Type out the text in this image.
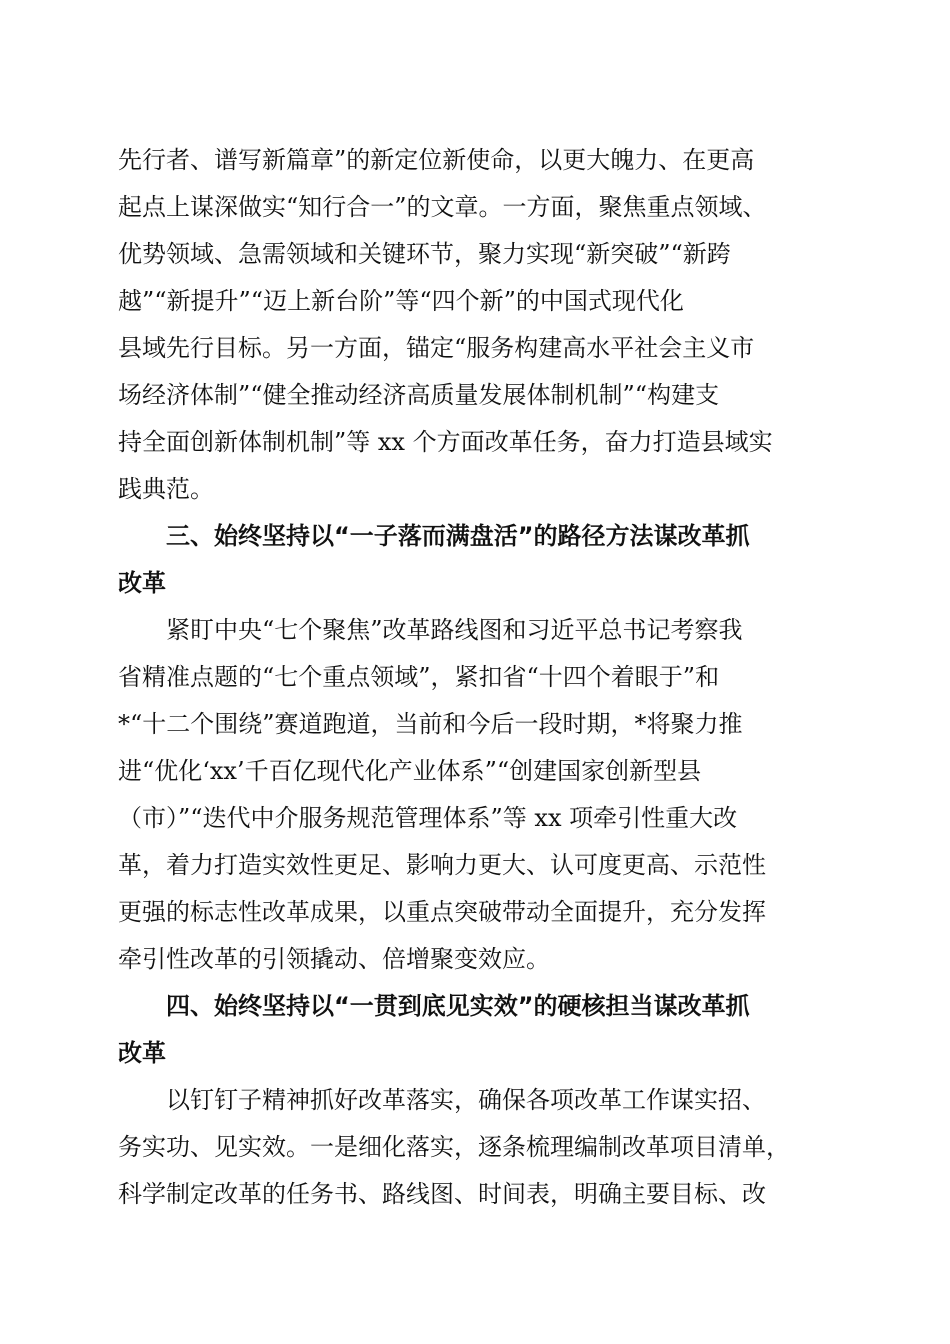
先行者、谱写新篇章”的新定位新使命，以更大魄力、在更高
起点上谋深做实“知行合一”的文章。一方面，聚焦重点领域、
优势领域、急需领域和关键环节，聚力实现“新突破”“新跨
越”“新提升”“迈上新台阶”等“四个新”的中国式现代化
县域先行目标。另一方面，锚定“服务构建高水平社会主义市
场经济体制”“健全推动经济高质量发展体制机制”“构建支
持全面创新体制机制”等 xx 个方面改革任务，奋力打造县域实
践典范。
三、始终坚持以“一子落而满盘活”的路径方法谋改革抓
改革
紧盯中央“七个聚焦”改革路线图和习近平总书记考察我
省精准点题的“七个重点领域”，紧扣省“十四个着眼于”和
*“十二个围绕”赛道跑道，当前和今后一段时期，*将聚力推
进“优化‘xx’千百亿现代化产业体系”“创建国家创新型县
（市）”“迭代中介服务规范管理体系”等 xx 项牵引性重大改
革，着力打造实效性更足、影响力更大、认可度更高、示范性
更强的标志性改革成果，以重点突破带动全面提升，充分发挥
牵引性改革的引领撬动、倍增聚变效应。
四、始终坚持以“一贯到底见实效”的硬核担当谋改革抓
改革
以钉钉子精神抓好改革落实，确保各项改革工作谋实招、
务实功、见实效。一是细化落实，逐条梳理编制改革项目清单，
科学制定改革的任务书、路线图、时间表，明确主要目标、改
